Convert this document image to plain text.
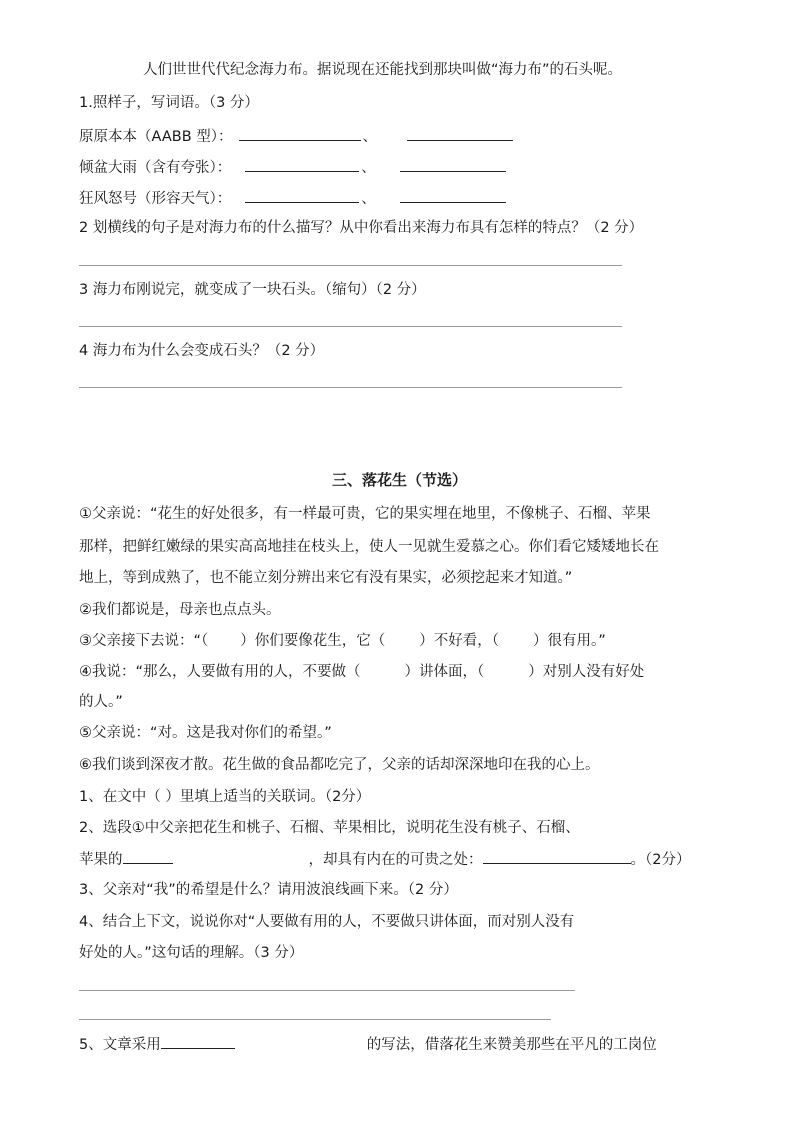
人们世世代代纪念海力布。据说现在还能找到那块叫做“海力布”的石头呢。
1.照样子，写词语。（3 分）
原原本本（AABB 型）：	、
倾盆大雨（含有夸张）：	、
狂风怒号（形容天气）：	、
2 划横线的句子是对海力布的什么描写？从中你看出来海力布具有怎样的特点？（2 分）
3 海力布刚说完，就变成了一块石头。（缩句）（2 分）
4 海力布为什么会变成石头？（2 分）
三、落花生（节选）
①父亲说：“花生的好处很多，有一样最可贵，它的果实埋在地里，不像桃子、石榴、苹果
那样，把鲜红嫩绿的果实高高地挂在枝头上，使人一见就生爱慕之心。你们看它矮矮地长在
地上，等到成熟了，也不能立刻分辨出来它有没有果实，必须挖起来才知道。”
②我们都说是，母亲也点点头。
③父亲接下去说：“（ ）你们要像花生，它（ ）不好看，（ ）很有用。”
④我说：“那么，人要做有用的人，不要做（	）讲体面，（	）对别人没有好处
的人。”
⑤父亲说：“对。这是我对你们的希望。”
⑥我们谈到深夜才散。花生做的食品都吃完了，父亲的话却深深地印在我的心上。
1、在文中（ ）里填上适当的关联词。（2分）
2、选段①中父亲把花生和桃子、石榴、苹果相比，说明花生没有桃子、石榴、
苹果的	，却具有内在的可贵之处：	。（2分）
3、父亲对“我”的希望是什么？请用波浪线画下来。（2 分）
4、结合上下文，说说你对“人要做有用的人，不要做只讲体面，而对别人没有
好处的人。”这句话的理解。（3 分）
5、文章采用	的写法，借落花生来赞美那些在平凡的工岗位
